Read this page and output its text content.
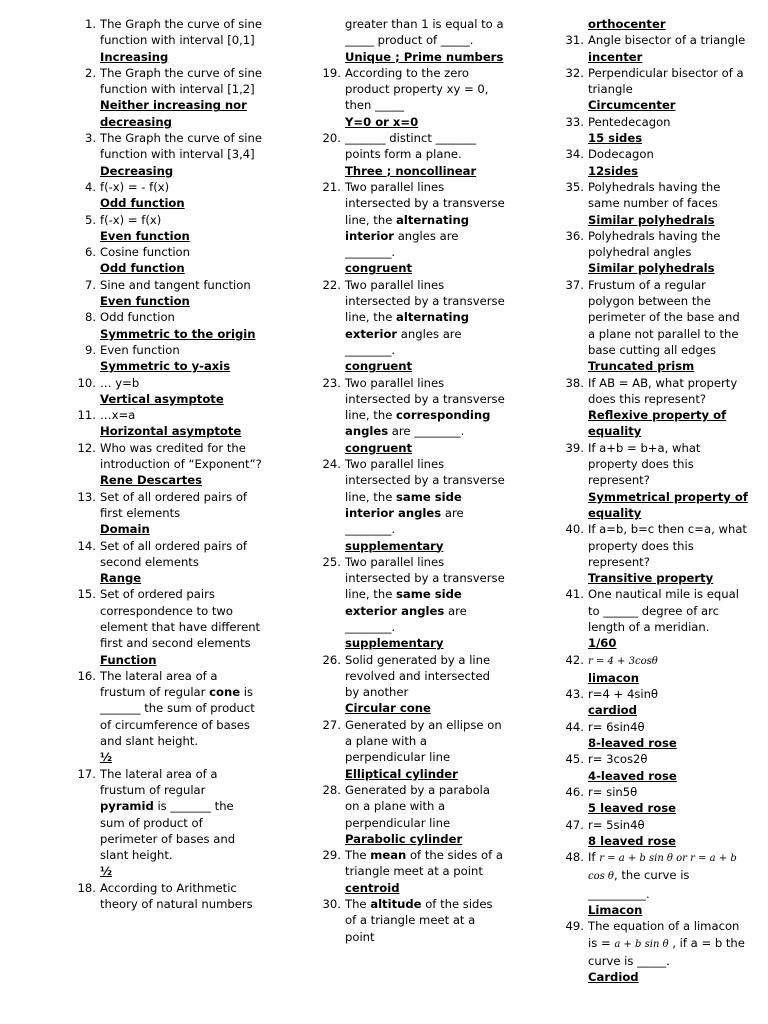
1. The Graph the curve of sine function with interval [0,1]
Increasing
2. The Graph the curve of sine function with interval [1,2]
Neither increasing nor decreasing
3. The Graph the curve of sine function with interval [3,4]
Decreasing
4. f(-x) = - f(x)
Odd function
5. f(-x) = f(x)
Even function
6. Cosine function
Odd function
7. Sine and tangent function
Even function
8. Odd function
Symmetric to the origin
9. Even function
Symmetric to y-axis
10. … y=b
Vertical asymptote
11. …x=a
Horizontal asymptote
12. Who was credited for the introduction of “Exponent”?
Rene Descartes
13. Set of all ordered pairs of first elements
Domain
14. Set of all ordered pairs of second elements
Range
15. Set of ordered pairs correspondence to two element that have different first and second elements
Function
16. The lateral area of a frustum of regular cone is _______ the sum of product of circumference of bases and slant height.
½
17. The lateral area of a frustum of regular pyramid is _______ the sum of product of perimeter of bases and slant height.
½
18. According to Arithmetic theory of natural numbers
greater than 1 is equal to a _____ product of _____.
Unique ; Prime numbers
19. According to the zero product property xy = 0, then _____
Y=0 or x=0
20. _______ distinct _______ points form a plane.
Three ; noncollinear
21. Two parallel lines intersected by a transverse line, the alternating interior angles are ________.
congruent
22. Two parallel lines intersected by a transverse line, the alternating exterior angles are ________.
congruent
23. Two parallel lines intersected by a transverse line, the corresponding angles are ________.
congruent
24. Two parallel lines intersected by a transverse line, the same side interior angles are ________.
supplementary
25. Two parallel lines intersected by a transverse line, the same side exterior angles are ________.
supplementary
26. Solid generated by a line revolved and intersected by another
Circular cone
27. Generated by an ellipse on a plane with a perpendicular line
Elliptical cylinder
28. Generated by a parabola on a plane with a perpendicular line
Parabolic cylinder
29. The mean of the sides of a triangle meet at a point
centroid
30. The altitude of the sides of a triangle meet at a point
orthocenter
31. Angle bisector of a triangle
incenter
32. Perpendicular bisector of a triangle
Circumcenter
33. Pentedecagon
15 sides
34. Dodecagon
12sides
35. Polyhedrals having the same number of faces
Similar polyhedrals
36. Polyhedrals having the polyhedral angles
Similar polyhedrals
37. Frustum of a regular polygon between the perimeter of the base and a plane not parallel to the base cutting all edges
Truncated prism
38. If AB = AB, what property does this represent?
Reflexive property of equality
39. If a+b = b+a, what property does this represent?
Symmetrical property of equality
40. If a=b, b=c then c=a, what property does this represent?
Transitive property
41. One nautical mile is equal to ______ degree of arc length of a meridian.
1/60
42. r = 4 + 3cosθ
limacon
43. r=4 + 4sinθ
cardiod
44. r= 6sin4θ
8-leaved rose
45. r= 3cos2θ
4-leaved rose
46. r= sin5θ
5 leaved rose
47. r= 5sin4θ
8 leaved rose
48. If r = a + b sin θ or r = a + b cos θ, the curve is __________.
Limacon
49. The equation of a limacon is = a + b sin θ , if a = b the curve is _____.
Cardiod
